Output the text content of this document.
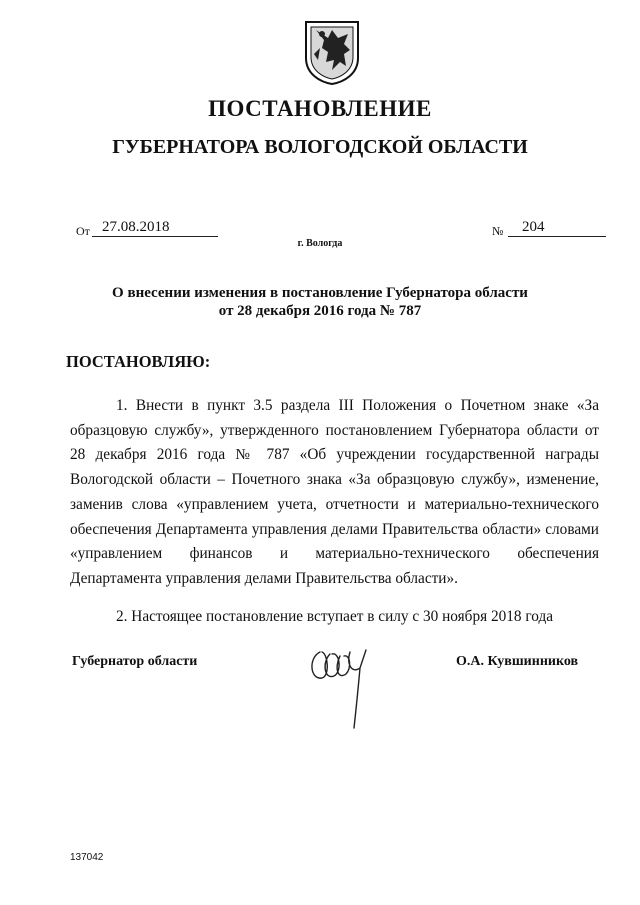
ПОСТАНОВЛЕНИЕ
ГУБЕРНАТОРА ВОЛОГОДСКОЙ ОБЛАСТИ
От 27.08.2018	№	204
г. Вологда
О внесении изменения в постановление Губернатора области
от 28 декабря 2016 года № 787
ПОСТАНОВЛЯЮ:
1. Внести в пункт 3.5 раздела III Положения о Почетном знаке «За образцовую службу», утвержденного постановлением Губернатора области от 28 декабря 2016 года № 787 «Об учреждении государственной награды Вологодской области – Почетного знака «За образцовую службу», изменение, заменив слова «управлением учета, отчетности и материально-технического обеспечения Департамента управления делами Правительства области» словами «управлением финансов и материально-технического обеспечения Департамента управления делами Правительства области».
2. Настоящее постановление вступает в силу с 30 ноября 2018 года
Губернатор области	О.А. Кувшинников
137042
